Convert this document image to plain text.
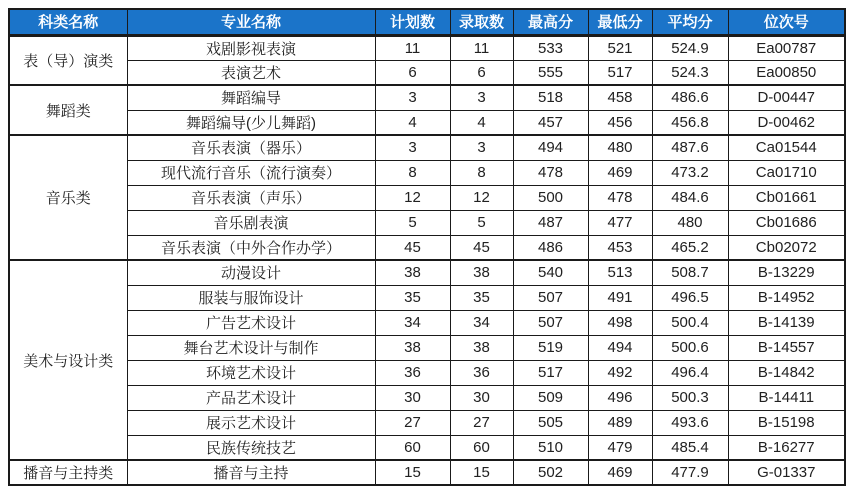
科类名称	专业名称	计划数	录取数	最高分	最低分	平均分	位次号
表（导）演类	戏剧影视表演	11	11	533	521	524.9	Ea00787
	表演艺术	6	6	555	517	524.3	Ea00850
舞蹈类	舞蹈编导	3	3	518	458	486.6	D-00447
	舞蹈编导(少儿舞蹈)	4	4	457	456	456.8	D-00462
音乐类	音乐表演（器乐）	3	3	494	480	487.6	Ca01544
	现代流行音乐（流行演奏）	8	8	478	469	473.2	Ca01710
	音乐表演（声乐）	12	12	500	478	484.6	Cb01661
	音乐剧表演	5	5	487	477	480	Cb01686
	音乐表演（中外合作办学）	45	45	486	453	465.2	Cb02072
美术与设计类	动漫设计	38	38	540	513	508.7	B-13229
	服装与服饰设计	35	35	507	491	496.5	B-14952
	广告艺术设计	34	34	507	498	500.4	B-14139
	舞台艺术设计与制作	38	38	519	494	500.6	B-14557
	环境艺术设计	36	36	517	492	496.4	B-14842
	产品艺术设计	30	30	509	496	500.3	B-14411
	展示艺术设计	27	27	505	489	493.6	B-15198
	民族传统技艺	60	60	510	479	485.4	B-16277
播音与主持类	播音与主持	15	15	502	469	477.9	G-01337
